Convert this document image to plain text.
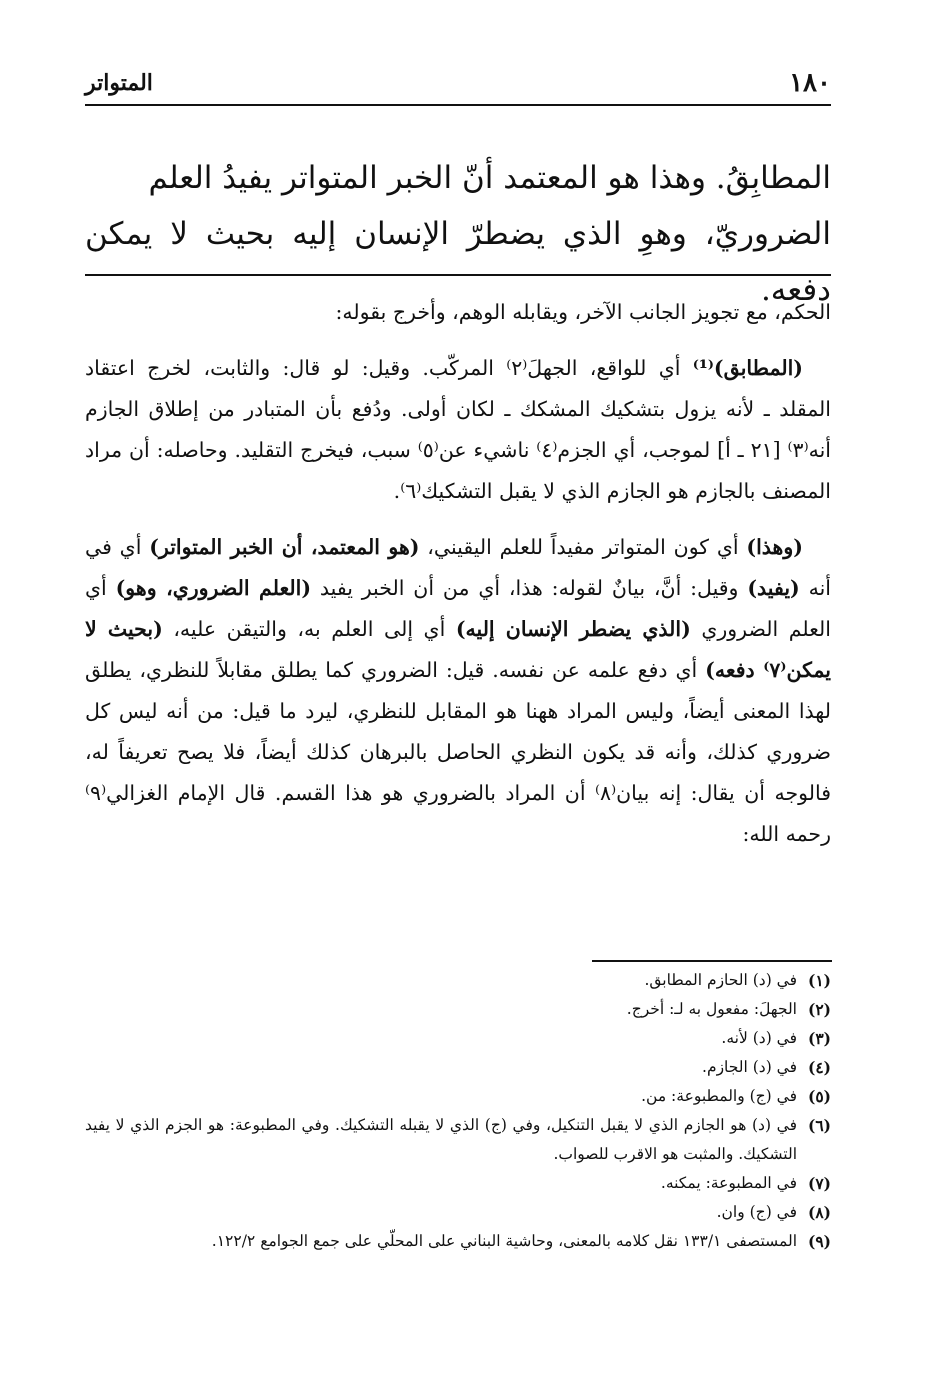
١٨٠
المتواتر

المطابِقُ. وهذا هو المعتمد أنّ الخبر المتواتر يفيدُ العلم

الضروريّ، وهوِ الذي يضطرّ الإنسان إليه بحيث لا يمكن دفعه.

الحكم، مع تجويز الجانب الآخر، ويقابله الوهم، وأخرج بقوله:

(المطابق)⁽¹⁾ أي للواقع، الجهلَ⁽٢⁾ المركّب. وقيل: لو قال: والثابت، لخرج اعتقاد المقلد ـ لأنه يزول بتشكيك المشكك ـ لكان أولى. ودُفع بأن المتبادر من إطلاق الجازم أنه⁽٣⁾ [٢١ ـ أ] لموجب، أي الجزم⁽٤⁾ ناشيء عن⁽٥⁾ سبب، فيخرج التقليد. وحاصله: أن مراد المصنف بالجازم هو الجازم الذي لا يقبل التشكيك⁽٦⁾.

(وهذا) أي كون المتواتر مفيداً للعلم اليقيني، (هو المعتمد، أن الخبر المتواتر) أي في أنه (يفيد) وقيل: أنَّ، بيانٌ لقوله: هذا، أي من أن الخبر يفيد (العلم الضروري، وهو) أي العلم الضروري (الذي يضطر الإنسان إليه) أي إلى العلم به، والتيقن عليه، (بحيث لا يمكن⁽٧⁾ دفعه) أي دفع علمه عن نفسه. قيل: الضروري كما يطلق مقابلاً للنظري، يطلق لهذا المعنى أيضاً، وليس المراد ههنا هو المقابل للنظري، ليرد ما قيل: من أنه ليس كل ضروري كذلك، وأنه قد يكون النظري الحاصل بالبرهان كذلك أيضاً، فلا يصح تعريفاً له، فالوجه أن يقال: إنه بيان⁽٨⁾ أن المراد بالضروري هو هذا القسم. قال الإمام الغزالي⁽٩⁾ رحمه الله:

(١)
في (د) الحازم المطابق.
(٢)
الجهلَ: مفعول به لـ: أخرج.
(٣)
في (د) لأنه.
(٤)
في (د) الجازم.
(٥)
في (ج) والمطبوعة: من.
(٦)
في (د) هو الجازم الذي لا يقبل التنكيل، وفي (ج) الذي لا يقبله التشكيك. وفي المطبوعة: هو الجزم الذي لا يفيد التشكيك. والمثبت هو الاقرب للصواب.
(٧)
في المطبوعة: يمكنه.
(٨)
في (ج) وان.
(٩)
المستصفى ١٣٣/١ نقل كلامه بالمعنى، وحاشية البناني على المحلّي على جمع الجوامع ١٢٢/٢.
